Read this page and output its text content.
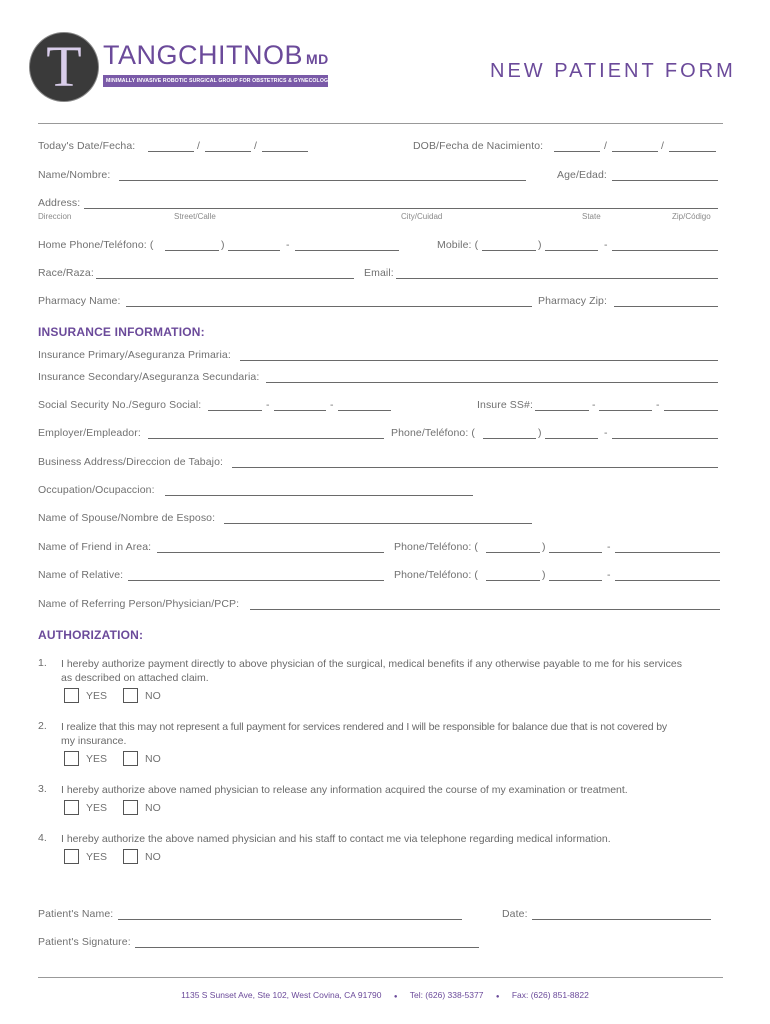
T TANGCHITNOB MD
MINIMALLY INVASIVE ROBOTIC SURGICAL GROUP FOR OBSTETRICS & GYNECOLOGY	NEW PATIENT FORM
Today's Date/Fecha:	/	/	DOB/Fecha de Nacimiento:	/	/
Name/Nombre:	Age/Edad:
Address:
Direccion	Street/Calle	City/Cuidad	State	Zip/Código
Home Phone/Teléfono: (	)	-	Mobile: (	)	-
Race/Raza:	Email:
Pharmacy Name:	Pharmacy Zip:
INSURANCE INFORMATION:
Insurance Primary/Aseguranza Primaria:
Insurance Secondary/Aseguranza Secundaria:
Social Security No./Seguro Social:	-	-	Insure SS#:	-	-
Employer/Empleador:	Phone/Teléfono: (	)	-
Business Address/Direccion de Tabajo:
Occupation/Ocupaccion:
Name of Spouse/Nombre de Esposo:
Name of Friend in Area:	Phone/Teléfono: (	)	-
Name of Relative:	Phone/Teléfono: (	)	-
Name of Referring Person/Physician/PCP:
AUTHORIZATION:
1. I hereby authorize payment directly to above physician of the surgical, medical benefits if any otherwise payable to me for his services
as described on attached claim.
YES	NO
2. I realize that this may not represent a full payment for services rendered and I will be responsible for balance due that is not covered by
my insurance.
YES	NO
3. I hereby authorize above named physician to release any information acquired the course of my examination or treatment.
YES	NO
4. I hereby authorize the above named physician and his staff to contact me via telephone regarding medical information.
YES	NO
Patient's Name:	Date:
Patient's Signature:
1135 S Sunset Ave, Ste 102, West Covina, CA 91790 ● Tel: (626) 338-5377 ● Fax: (626) 851-8822
